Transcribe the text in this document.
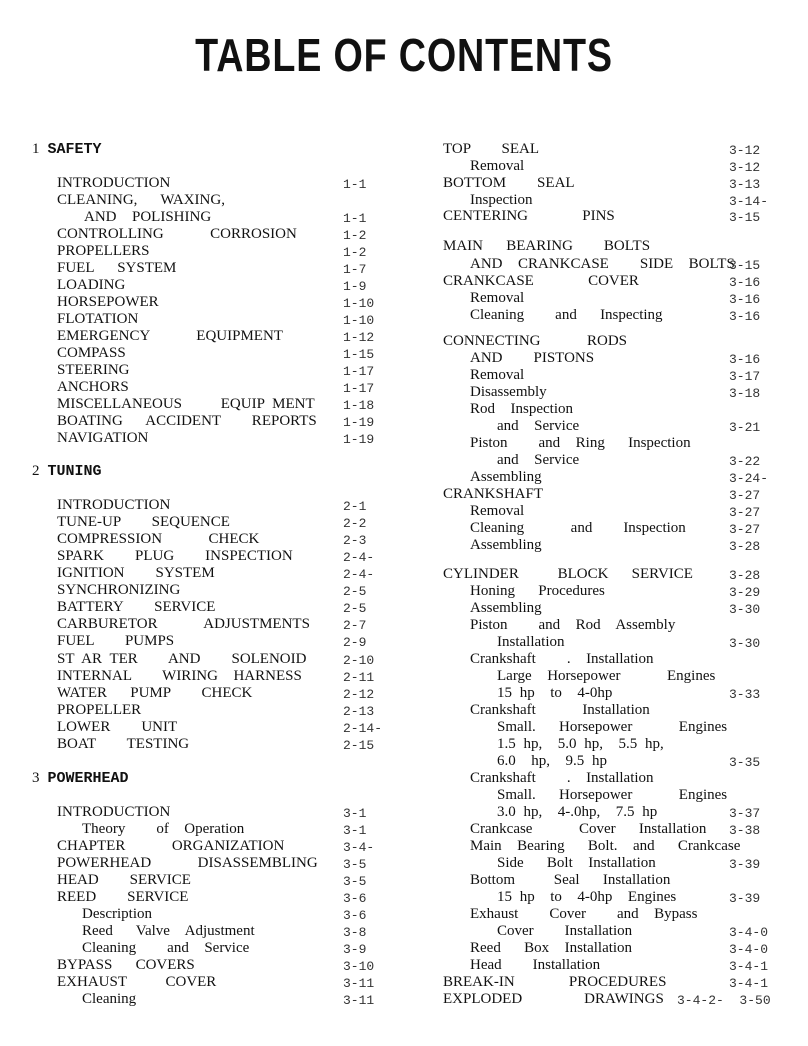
TABLE OF CONTENTS
1 SAFETY
2 TUNING
3 POWERHEAD
INTRODUCTION	1-1
CLEANING,   WAXING,
AND  POLISHING	1-1
CONTROLLING      CORROSION	1-2
PROPELLERS	1-2
FUEL   SYSTEM	1-7
LOADING	1-9
HORSEPOWER	1-10
FLOTATION	1-10
EMERGENCY      EQUIPMENT	1-12
COMPASS	1-15
STEERING	1-17
ANCHORS	1-17
MISCELLANEOUS     EQUIP MENT 1-18
BOATING   ACCIDENT    REPORTS 1-19
NAVIGATION	1-19
INTRODUCTION	2-1
TUNE-UP    SEQUENCE	2-2
COMPRESSION      CHECK	2-3
SPARK    PLUG    INSPECTION	2-4-
IGNITION    SYSTEM	2-4-
SYNCHRONIZING	2-5
BATTERY    SERVICE	2-5
CARBURETOR      ADJUSTMENTS	2-7
FUEL    PUMPS	2-9
ST AR TER    AND    SOLENOID	2-10
INTERNAL    WIRING  HARNESS	2-11
WATER   PUMP    CHECK	2-12
PROPELLER	2-13
LOWER    UNIT	2-14-
BOAT    TESTING	2-15
INTRODUCTION	3-1
Theory    of  Operation	3-1
CHAPTER      ORGANIZATION	3-4-
POWERHEAD      DISASSEMBLING 3-5
HEAD    SERVICE	3-5
REED    SERVICE	3-6
Description	3-6
Reed   Valve  Adjustment	3-8
Cleaning    and  Service	3-9
BYPASS   COVERS	3-10
EXHAUST     COVER	3-11
Cleaning	3-11
TOP    SEAL	3-12
Removal	3-12
BOTTOM    SEAL	3-13
Inspection	3-14-
CENTERING       PINS	3-15
MAIN   BEARING    BOLTS
AND  CRANKCASE    SIDE  BOLTS
3-15
CRANKCASE       COVER	3-16
Removal	3-16
Cleaning    and   Inspecting	3-16
CONNECTING      RODS
AND    PISTONS	3-16
Removal	3-17
Disassembly	3-18
Rod  Inspection
and  Service	3-21
Piston    and  Ring   Inspection
and  Service	3-22
Assembling	3-24-
CRANKSHAFT	3-27
Removal	3-27
Cleaning      and    Inspection	3-27
Assembling	3-28
CYLINDER     BLOCK   SERVICE	3-28
Honing   Procedures	3-29
Assembling	3-30
Piston    and  Rod  Assembly
Installation	3-30
Crankshaft    .  Installation
Large  Horsepower      Engines
15 hp  to  4-0hp	3-33
Crankshaft      Installation
Small.   Horsepower      Engines
1.5 hp,  5.0 hp,  5.5 hp,
6.0  hp,  9.5 hp	3-35
Crankshaft    .  Installation
Small.   Horsepower      Engines
3.0 hp,  4-.0hp,  7.5 hp	3-37
Crankcase      Cover   Installation 3-38
Main  Bearing   Bolt.  and   Crankcase
Side   Bolt  Installation	3-39
Bottom     Seal   Installation
15 hp  to  4-0hp  Engines	3-39
Exhaust    Cover    and  Bypass
Cover    Installation	3-4-0
Reed   Box  Installation	3-4-0
Head    Installation	3-4-1
BREAK-IN       PROCEDURES	3-4-1
EXPLODED        DRAWINGS 3-4-2-  3-50
